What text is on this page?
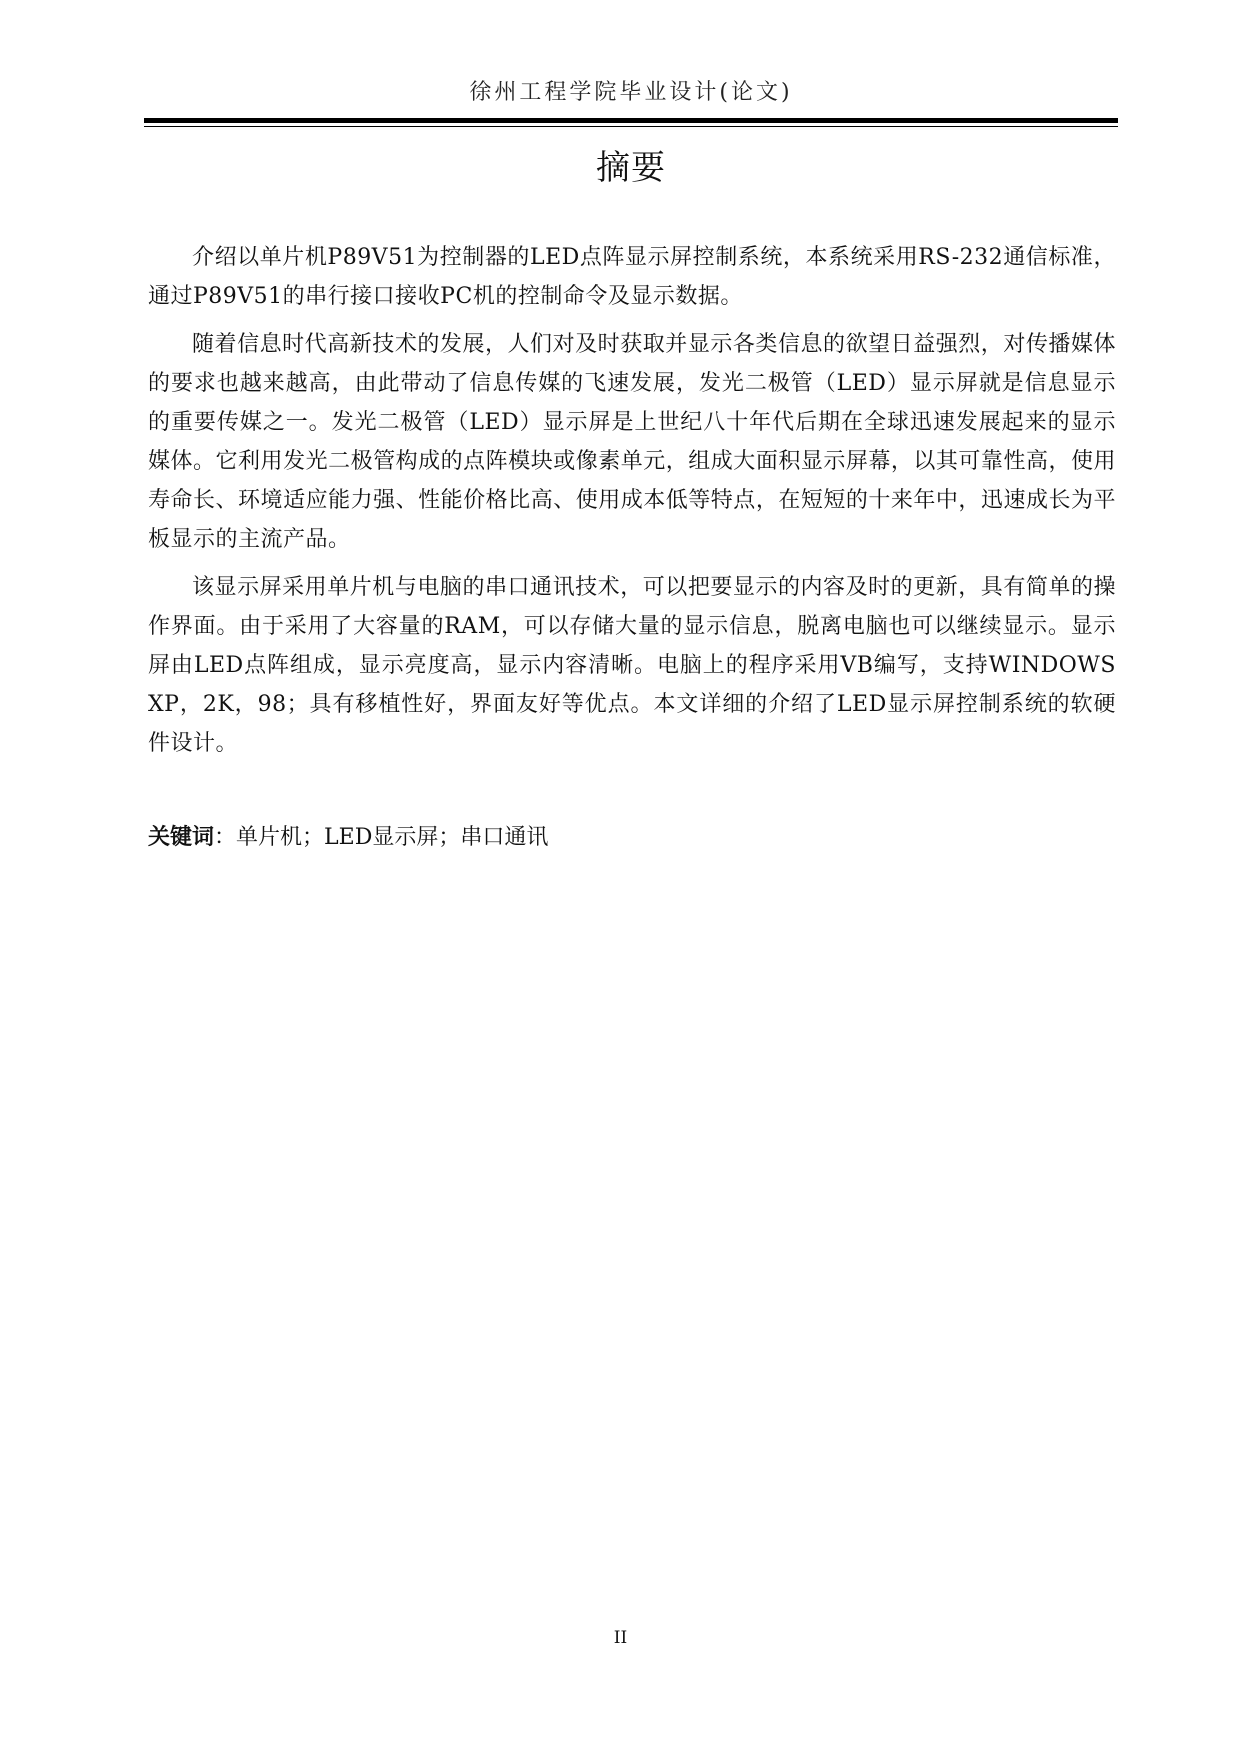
徐州工程学院毕业设计(论文)
摘要

介绍以单片机P89V51为控制器的LED点阵显示屏控制系统，本系统采用RS-232通信标准，通过P89V51的串行接口接收PC机的控制命令及显示数据。

随着信息时代高新技术的发展，人们对及时获取并显示各类信息的欲望日益强烈，对传播媒体的要求也越来越高，由此带动了信息传媒的飞速发展，发光二极管（LED）显示屏就是信息显示的重要传媒之一。发光二极管（LED）显示屏是上世纪八十年代后期在全球迅速发展起来的显示媒体。它利用发光二极管构成的点阵模块或像素单元，组成大面积显示屏幕，以其可靠性高，使用寿命长、环境适应能力强、性能价格比高、使用成本低等特点，在短短的十来年中，迅速成长为平板显示的主流产品。

该显示屏采用单片机与电脑的串口通讯技术，可以把要显示的内容及时的更新，具有简单的操作界面。由于采用了大容量的RAM，可以存储大量的显示信息，脱离电脑也可以继续显示。显示屏由LED点阵组成，显示亮度高，显示内容清晰。电脑上的程序采用VB编写，支持WINDOWS XP，2K，98；具有移植性好，界面友好等优点。本文详细的介绍了LED显示屏控制系统的软硬件设计。

关键词：单片机；LED显示屏；串口通讯
II
